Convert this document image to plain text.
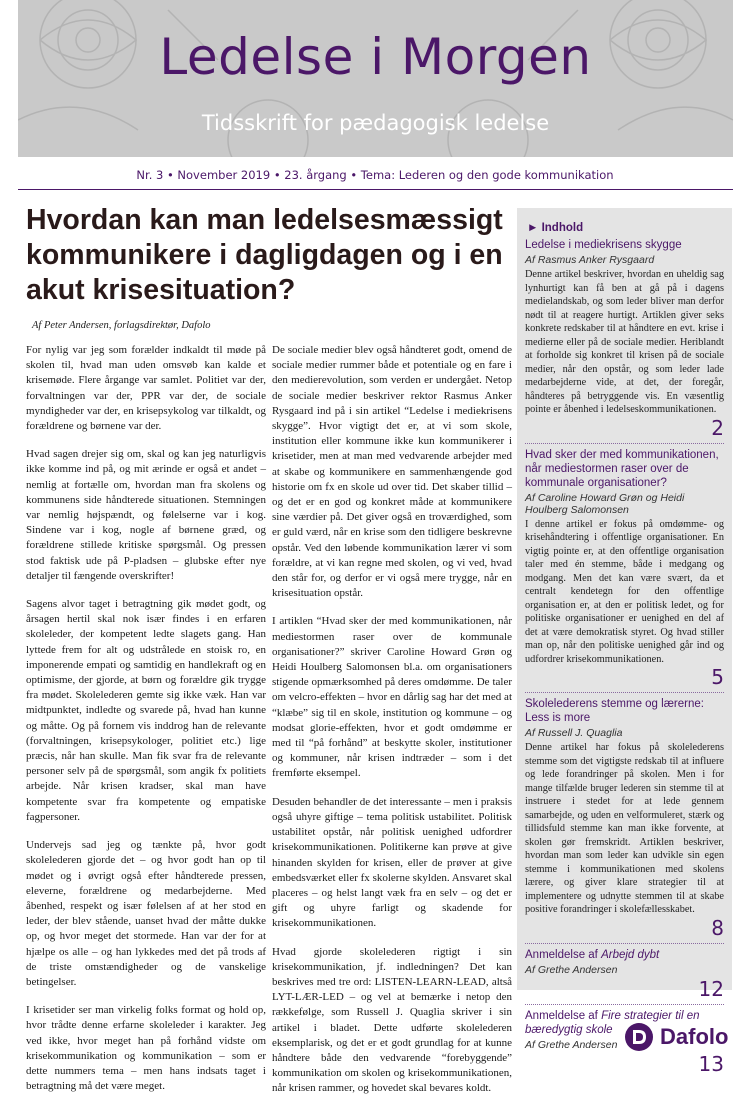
Ledelse i Morgen
Tidsskrift for pædagogisk ledelse
Nr. 3 • November 2019 • 23. årgang • Tema: Lederen og den gode kommunikation
Hvordan kan man ledelsesmæssigt kommunikere i dagligdagen og i en akut krisesituation?
Af Peter Andersen, forlagsdirektør, Dafolo

For nylig var jeg som forælder indkaldt til møde på skolen til, hvad man uden omsvøb kan kalde et krisemøde. Flere årgange var samlet. Politiet var der, forvaltningen var der, PPR var der, de sociale myndigheder var der, en krisepsykolog var tilkaldt, og forældrene og børnene var der.

Hvad sagen drejer sig om, skal og kan jeg naturligvis ikke komme ind på, og mit ærinde er også et andet – nemlig at fortælle om, hvordan man fra skolens og kommunens side håndterede situationen. Stemningen var nemlig højspændt, og følelserne var i kog. Sindene var i kog, nogle af børnene græd, og forældrene stillede kritiske spørgsmål. Og pressen stod faktisk ude på P-pladsen – glubske efter nye detaljer til fængende overskrifter!

Sagens alvor taget i betragtning gik mødet godt, og årsagen hertil skal nok især findes i en erfaren skoleleder, der kompetent ledte slagets gang. Han lyttede frem for alt og udstrålede en stoisk ro, en imponerende empati og samtidig en handlekraft og en optimisme, der gjorde, at børn og forældre gik trygge fra mødet. Skolelederen gemte sig ikke væk. Han var midtpunktet, indledte og svarede på, hvad han kunne og måtte. Og på fornem vis inddrog han de relevante (forvaltningen, krisepsykologer, politiet etc.) lige præcis, når han skulle. Man fik svar fra de relevante personer selv på de spørgsmål, som angik fx politiets arbejde. Når krisen kradser, skal man have kompetente svar fra kompetente og empatiske fagpersoner.

Undervejs sad jeg og tænkte på, hvor godt skolelederen gjorde det – og hvor godt han op til mødet og i øvrigt også efter håndterede pressen, eleverne, forældrene og medarbejderne. Med åbenhed, respekt og især følelsen af at her stod en leder, der blev stående, uanset hvad der måtte dukke op, og hvor meget det stormede. Han var der for at hjælpe os alle – og han lykkedes med det på trods af de triste omstændigheder og de vanskelige betingelser.

I krisetider ser man virkelig folks format og hold op, hvor trådte denne erfarne skoleleder i karakter. Jeg ved ikke, hvor meget han på forhånd vidste om krisekommunikation og kommunikation – som er dette nummers tema – men hans indsats taget i betragtning må det være meget.

De sociale medier blev også håndteret godt, omend de sociale medier rummer både et potentiale og en fare i den medierevolution, som verden er undergået. Netop de sociale medier beskriver rektor Rasmus Anker Rysgaard ind på i sin artikel “Ledelse i mediekrisens skygge”. Hvor vigtigt det er, at vi som skole, institution eller kommune ikke kun kommunikerer i krisetider, men at man med vedvarende arbejder med at skabe og kommunikere en sammenhængende god historie om fx en skole ud over tid. Det skaber tillid – og det er en god og konkret måde at kommunikere sine værdier på. Det giver også en troværdighed, som er guld værd, når en krise som den tidligere beskrevne opstår. Ved den løbende kommunikation lærer vi som forældre, at vi kan regne med skolen, og vi ved, hvad den står for, og derfor er vi også mere trygge, når en krisesituation opstår.

I artiklen “Hvad sker der med kommunikationen, når mediestormen raser over de kommunale organisationer?” skriver Caroline Howard Grøn og Heidi Houlberg Salomonsen bl.a. om organisationers stigende opmærksomhed på deres omdømme. De taler om velcro-effekten – hvor en dårlig sag har det med at “klæbe” sig til en skole, institution og kommune – og modsat glorie-effekten, hvor et godt omdømme er med til “på forhånd” at beskytte skoler, institutioner og kommuner, når krisen indtræder – som i det fremførte eksempel.

Desuden behandler de det interessante – men i praksis også uhyre giftige – tema politisk ustabilitet. Politisk ustabilitet opstår, når politisk uenighed udfordrer krisekommunikationen. Politikerne kan prøve at give hinanden skylden for krisen, eller de prøver at give embedsværket eller fx skolerne skylden. Ansvaret skal placeres – og helst langt væk fra en selv – og det er gift og uhyre farligt og skadende for krisekommunikationen.

Hvad gjorde skolelederen rigtigt i sin krisekommunikation, jf. indledningen? Det kan beskrives med tre ord: LISTEN-LEARN-LEAD, altså LYT-LÆR-LED – og vel at bemærke i netop den rækkefølge, som Russell J. Quaglia skriver i sin artikel i bladet. Dette udførte skolelederen eksemplarisk, og det er et godt grundlag for at kunne håndtere både den vedvarende “forebyggende” kommunikation om skolen og krisekommunikationen, når krisen rammer, og hovedet skal bevares koldt.

► Indhold
Ledelse i mediekrisens skygge
Af Rasmus Anker Rysgaard
Denne artikel beskriver, hvordan en uheldig sag lynhurtigt kan få ben at gå på i dagens medielandskab, og som leder bliver man derfor nødt til at reagere hurtigt. Artiklen giver seks konkrete redskaber til at håndtere en evt. krise i medierne eller på de sociale medier. Heriblandt at forholde sig konkret til krisen på de sociale medier, når den opstår, og som leder lade medarbejderne vide, at det, der foregår, håndteres på betryggende vis. En væsentlig pointe er åbenhed i ledelseskommunikationen.
2
Hvad sker der med kommunikationen, når mediestormen raser over de kommunale organisationer?
Af Caroline Howard Grøn og Heidi Houlberg Salomonsen
I denne artikel er fokus på omdømme- og krisehåndtering i offentlige organisationer. En vigtig pointe er, at den offentlige organisation taler med én stemme, både i medgang og modgang. Men det kan være svært, da et centralt kendetegn for den offentlige organisation er, at den er politisk ledet, og for politiske organisationer er uenighed en del af det at være demokratisk styret. Og hvad stiller man op, når den politiske uenighed går ind og udfordrer krisekommunikationen.
5
Skolelederens stemme og lærerne: Less is more
Af Russell J. Quaglia
Denne artikel har fokus på skolelederens stemme som det vigtigste redskab til at influere og lede forandringer på skolen. Men i for mange tilfælde bruger lederen sin stemme til at instruere i stedet for at lede gennem samarbejde, og uden en velformuleret, stærk og tillidsfuld stemme kan man ikke forvente, at skolen gør fremskridt. Artiklen beskriver, hvordan man som leder kan udvikle sin egen stemme i kommunikationen med skolens lærere, og giver klare strategier til at implementere og udnytte stemmen til at skabe positive forandringer i skolefællesskabet.
8
Anmeldelse af Arbejd dybt
Af Grethe Andersen
12
Anmeldelse af Fire strategier til en bæredygtig skole
Af Grethe Andersen
13
Dafolo
